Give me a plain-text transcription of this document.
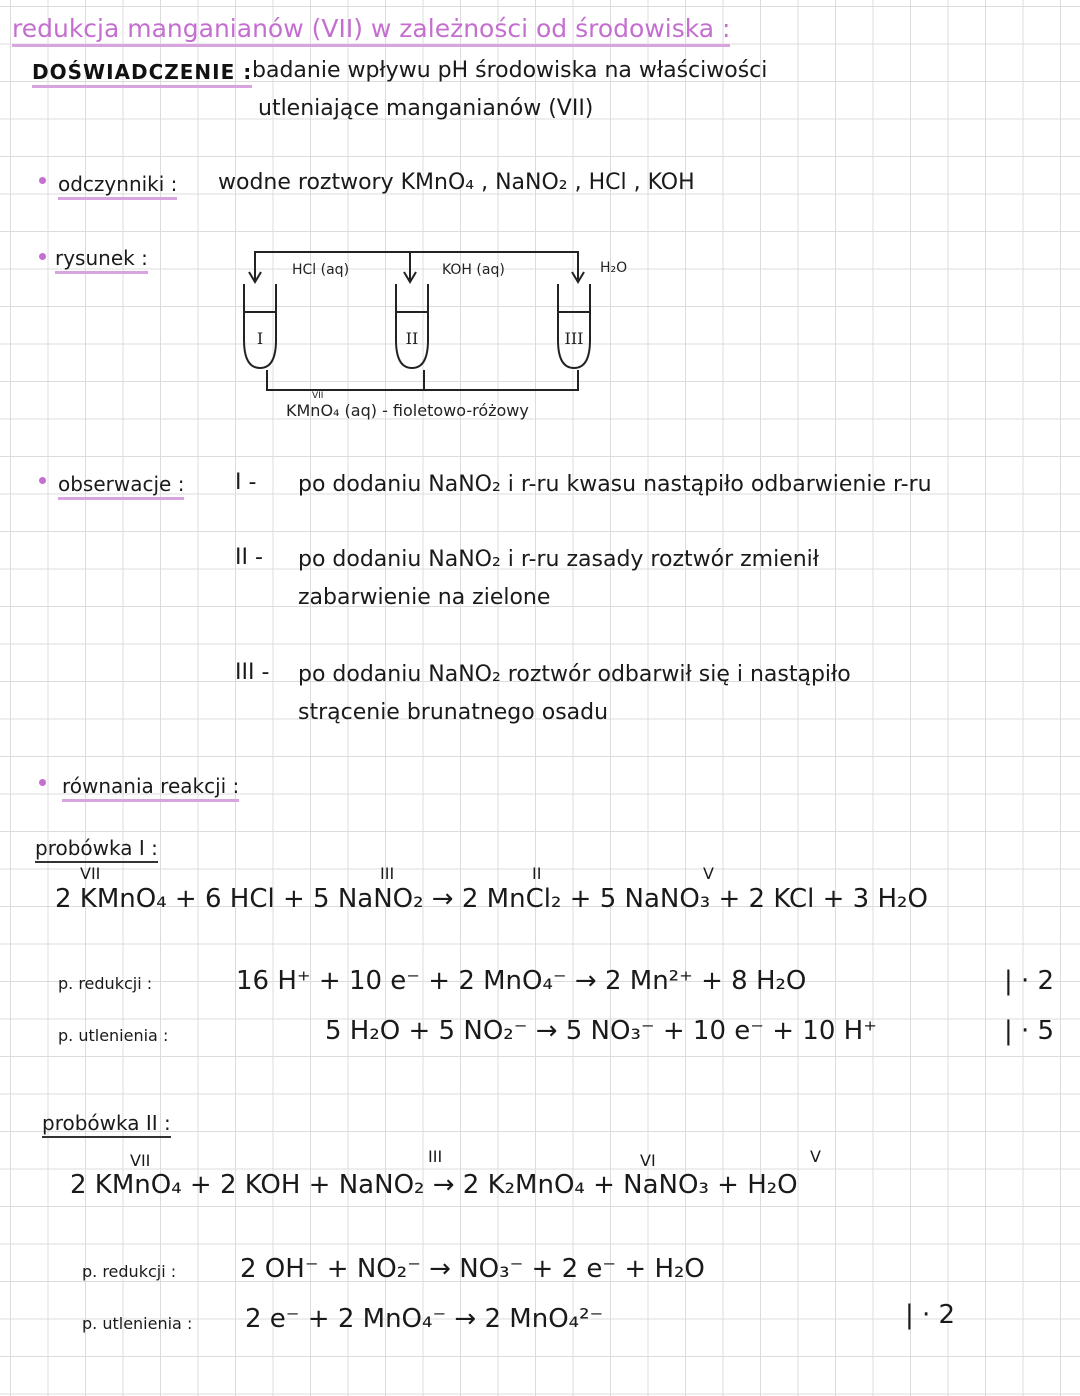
redukcja manganianów (VII) w zależności od środowiska :
DOŚWIADCZENIE : badanie wpływu pH środowiska na właściwości
utleniające manganianów (VII)
odczynniki : wodne roztwory KMnO₄ , NaNO₂ , HCl , KOH
rysunek :	HCl (aq)	KOH (aq)	H₂O
I	II	III
VII
KMnO₄ (aq) - fioletowo-różowy
obserwacje : I - po dodaniu NaNO₂ i r-ru kwasu nastąpiło odbarwienie r-ru
II - po dodaniu NaNO₂ i r-ru zasady roztwór zmienił
zabarwienie na zielone
III - po dodaniu NaNO₂ roztwór odbarwił się i nastąpiło
strącenie brunatnego osadu
równania reakcji :
probówka I :
VII	III	II	V
2 KMnO₄ + 6 HCl + 5 NaNO₂ → 2 MnCl₂ + 5 NaNO₃ + 2 KCl + 3 H₂O
p. redukcji :	16 H⁺ + 10 e⁻ + 2 MnO₄⁻ → 2 Mn²⁺ + 8 H₂O	| · 2
p. utlenienia :	5 H₂O + 5 NO₂⁻ → 5 NO₃⁻ + 10 e⁻ + 10 H⁺	| · 5
probówka II :
VII	III	VI	V
2 KMnO₄ + 2 KOH + NaNO₂ → 2 K₂MnO₄ + NaNO₃ + H₂O
p. redukcji : 2 OH⁻ + NO₂⁻ → NO₃⁻ + 2 e⁻ + H₂O
p. utlenienia : 2 e⁻ + 2 MnO₄⁻ → 2 MnO₄²⁻	| · 2
